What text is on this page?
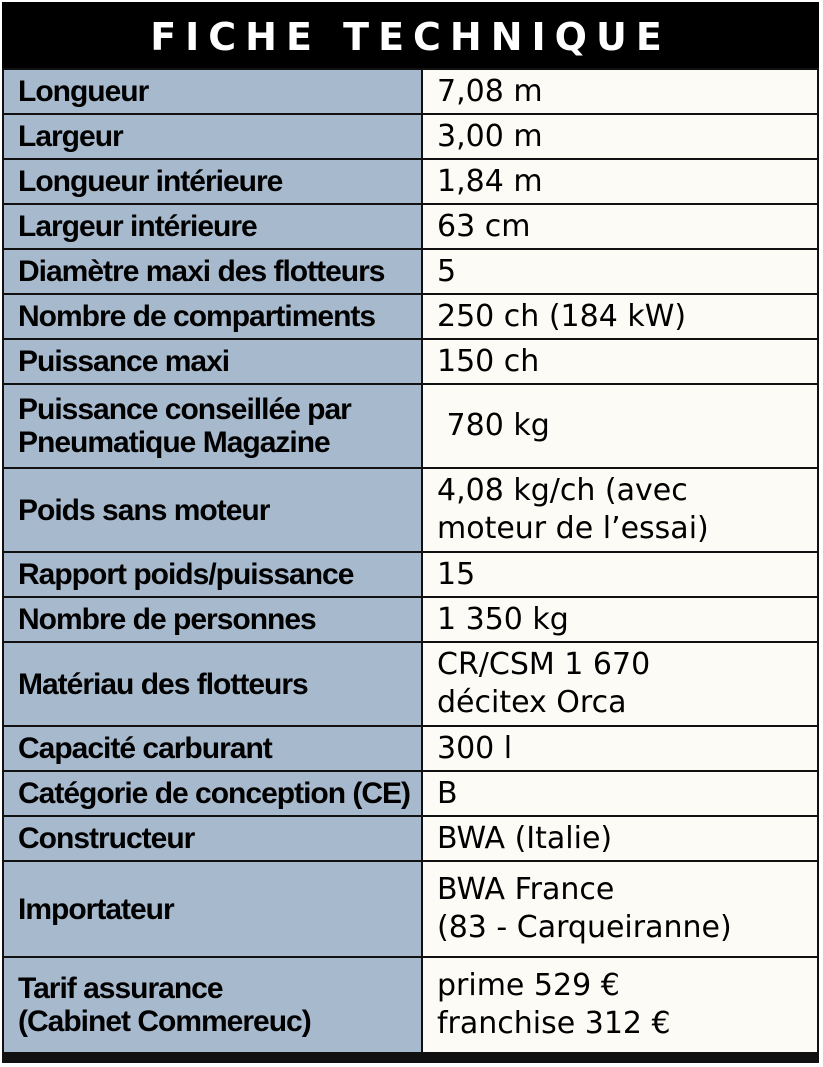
FICHE TECHNIQUE
Longueur	7,08 m
Largeur	3,00 m
Longueur intérieure	1,84 m
Largeur intérieure	63 cm
Diamètre maxi des flotteurs	5
Nombre de compartiments	250 ch (184 kW)
Puissance maxi	150 ch

Puissance conseillée par
Pneumatique Magazine	780 kg

Poids sans moteur	4,08 kg/ch (avec
moteur de l’essai)

Rapport poids/puissance	15
Nombre de personnes	1 350 kg
Matériau des flotteurs	CR/CSM 1 670
décitex Orca

Capacité carburant	300 l
Catégorie de conception (CE)	B
Constructeur	BWA (Italie)
Importateur	BWA France
(83 - Carqueiranne)

Tarif assurance
(Cabinet Commereuc)	prime 529 €
franchise 312 €
